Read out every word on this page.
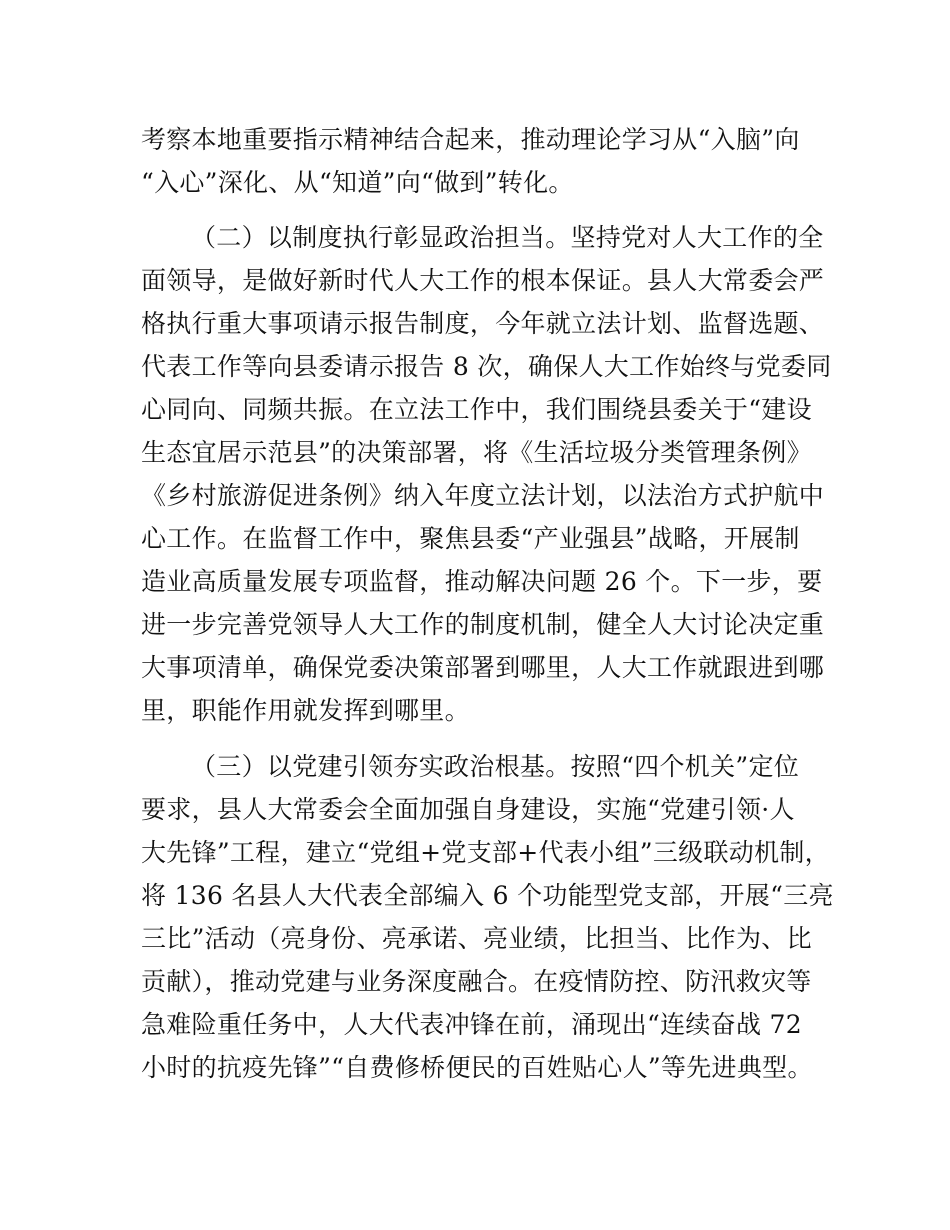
考察本地重要指示精神结合起来，推动理论学习从“入脑”向
“入心”深化、从“知道”向“做到”转化。
（二）以制度执行彰显政治担当。坚持党对人大工作的全
面领导，是做好新时代人大工作的根本保证。县人大常委会严
格执行重大事项请示报告制度，今年就立法计划、监督选题、
代表工作等向县委请示报告 8 次，确保人大工作始终与党委同
心同向、同频共振。在立法工作中，我们围绕县委关于“建设
生态宜居示范县”的决策部署，将《生活垃圾分类管理条例》
《乡村旅游促进条例》纳入年度立法计划，以法治方式护航中
心工作。在监督工作中，聚焦县委“产业强县”战略，开展制
造业高质量发展专项监督，推动解决问题 26 个。下一步，要
进一步完善党领导人大工作的制度机制，健全人大讨论决定重
大事项清单，确保党委决策部署到哪里，人大工作就跟进到哪
里，职能作用就发挥到哪里。
（三）以党建引领夯实政治根基。按照“四个机关”定位
要求，县人大常委会全面加强自身建设，实施“党建引领·人
大先锋”工程，建立“党组+党支部+代表小组”三级联动机制，
将 136 名县人大代表全部编入 6 个功能型党支部，开展“三亮
三比”活动（亮身份、亮承诺、亮业绩，比担当、比作为、比
贡献），推动党建与业务深度融合。在疫情防控、防汛救灾等
急难险重任务中，人大代表冲锋在前，涌现出“连续奋战 72
小时的抗疫先锋”“自费修桥便民的百姓贴心人”等先进典型。
